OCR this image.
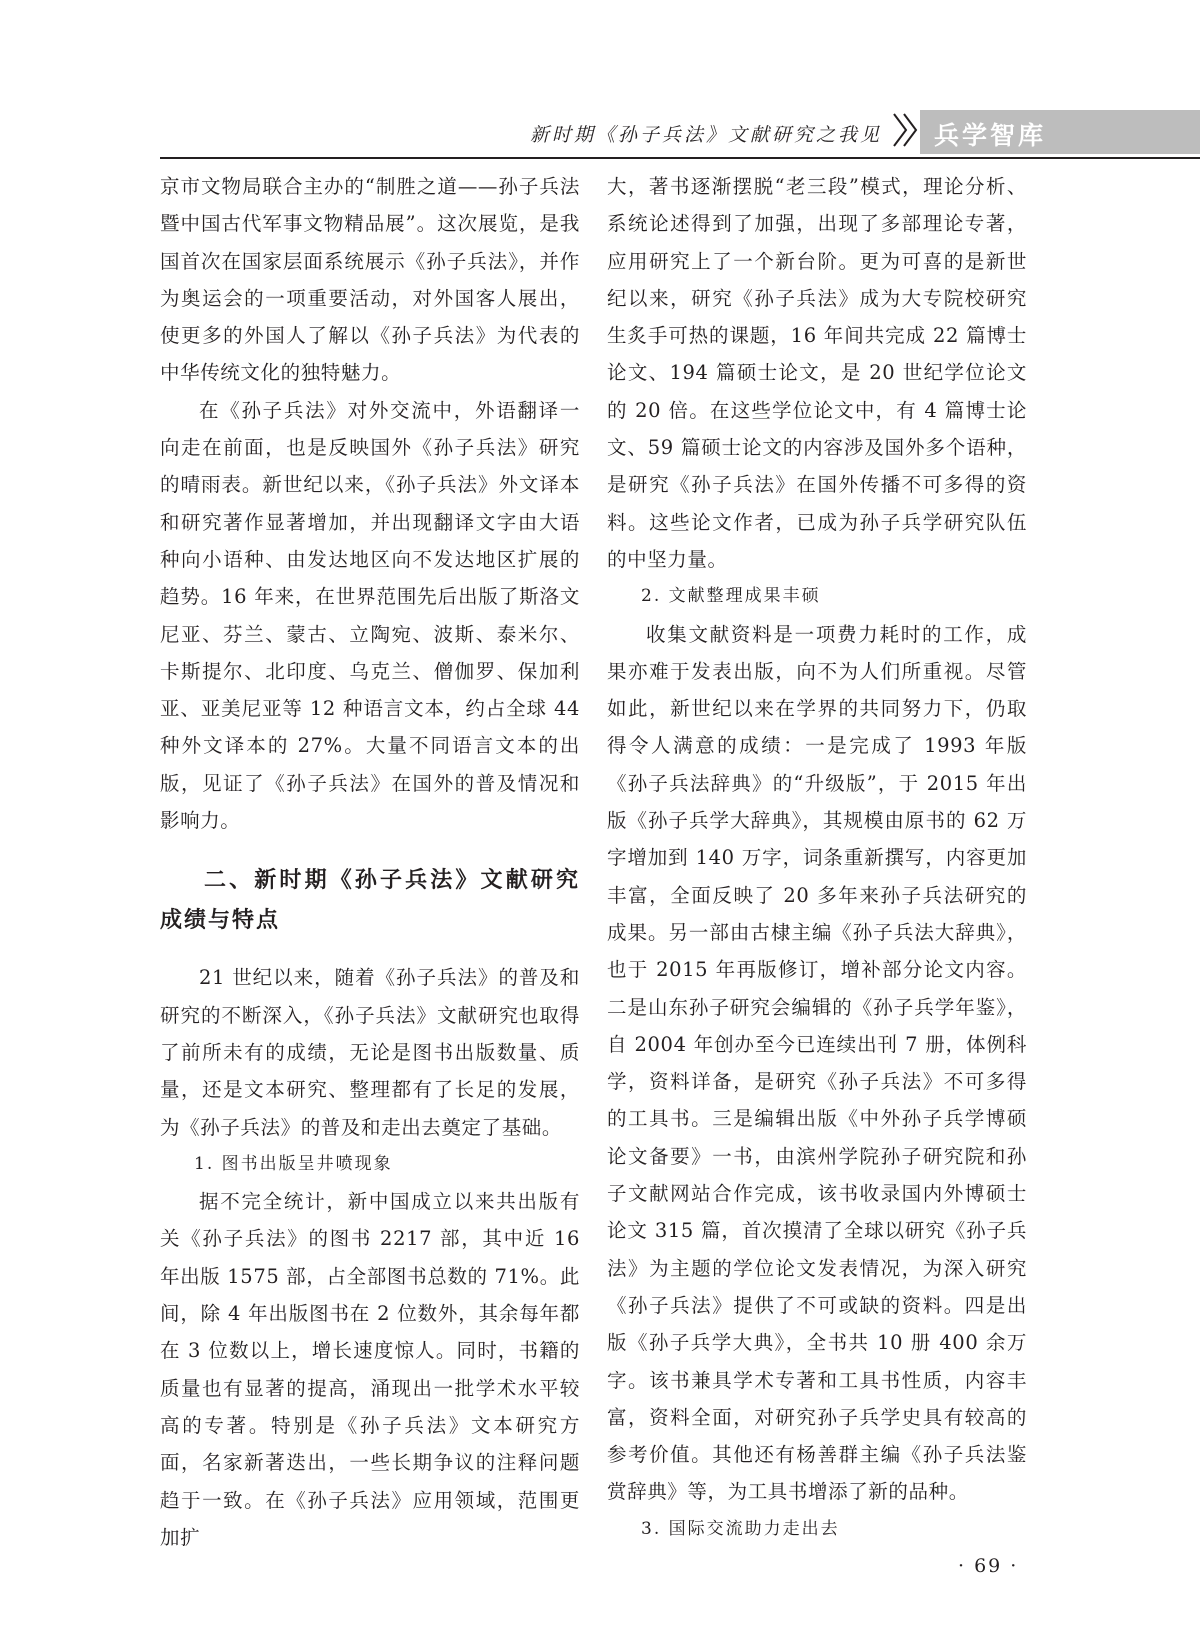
新时期《孙子兵法》文献研究之我见 兵学智库

京市文物局联合主办的“制胜之道——孙子兵法暨中国古代军事文物精品展”。这次展览，是我国首次在国家层面系统展示《孙子兵法》，并作为奥运会的一项重要活动，对外国客人展出，使更多的外国人了解以《孙子兵法》为代表的中华传统文化的独特魅力。

在《孙子兵法》对外交流中，外语翻译一向走在前面，也是反映国外《孙子兵法》研究的晴雨表。新世纪以来，《孙子兵法》外文译本和研究著作显著增加，并出现翻译文字由大语种向小语种、由发达地区向不发达地区扩展的趋势。16 年来，在世界范围先后出版了斯洛文尼亚、芬兰、蒙古、立陶宛、波斯、泰米尔、卡斯提尔、北印度、乌克兰、僧伽罗、保加利亚、亚美尼亚等 12 种语言文本，约占全球 44 种外文译本的 27%。大量不同语言文本的出版，见证了《孙子兵法》在国外的普及情况和影响力。

二、新时期《孙子兵法》文献研究成绩与特点

21 世纪以来，随着《孙子兵法》的普及和研究的不断深入，《孙子兵法》文献研究也取得了前所未有的成绩，无论是图书出版数量、质量，还是文本研究、整理都有了长足的发展，为《孙子兵法》的普及和走出去奠定了基础。

1. 图书出版呈井喷现象

据不完全统计，新中国成立以来共出版有关《孙子兵法》的图书 2217 部，其中近 16 年出版 1575 部，占全部图书总数的 71%。此间，除 4 年出版图书在 2 位数外，其余每年都在 3 位数以上，增长速度惊人。同时，书籍的质量也有显著的提高，涌现出一批学术水平较高的专著。特别是《孙子兵法》文本研究方面，名家新著迭出，一些长期争议的注释问题趋于一致。在《孙子兵法》应用领域，范围更加扩

大，著书逐渐摆脱“老三段”模式，理论分析、系统论述得到了加强，出现了多部理论专著，应用研究上了一个新台阶。更为可喜的是新世纪以来，研究《孙子兵法》成为大专院校研究生炙手可热的课题，16 年间共完成 22 篇博士论文、194 篇硕士论文，是 20 世纪学位论文的 20 倍。在这些学位论文中，有 4 篇博士论文、59 篇硕士论文的内容涉及国外多个语种，是研究《孙子兵法》在国外传播不可多得的资料。这些论文作者，已成为孙子兵学研究队伍的中坚力量。

2. 文献整理成果丰硕

收集文献资料是一项费力耗时的工作，成果亦难于发表出版，向不为人们所重视。尽管如此，新世纪以来在学界的共同努力下，仍取得令人满意的成绩：一是完成了 1993 年版《孙子兵法辞典》的“升级版”，于 2015 年出版《孙子兵学大辞典》，其规模由原书的 62 万字增加到 140 万字，词条重新撰写，内容更加丰富，全面反映了 20 多年来孙子兵法研究的成果。另一部由古棣主编《孙子兵法大辞典》，也于 2015 年再版修订，增补部分论文内容。二是山东孙子研究会编辑的《孙子兵学年鉴》，自 2004 年创办至今已连续出刊 7 册，体例科学，资料详备，是研究《孙子兵法》不可多得的工具书。三是编辑出版《中外孙子兵学博硕论文备要》一书，由滨州学院孙子研究院和孙子文献网站合作完成，该书收录国内外博硕士论文 315 篇，首次摸清了全球以研究《孙子兵法》为主题的学位论文发表情况，为深入研究《孙子兵法》提供了不可或缺的资料。四是出版《孙子兵学大典》，全书共 10 册 400 余万字。该书兼具学术专著和工具书性质，内容丰富，资料全面，对研究孙子兵学史具有较高的参考价值。其他还有杨善群主编《孙子兵法鉴赏辞典》等，为工具书增添了新的品种。

3. 国际交流助力走出去
· 69 ·
